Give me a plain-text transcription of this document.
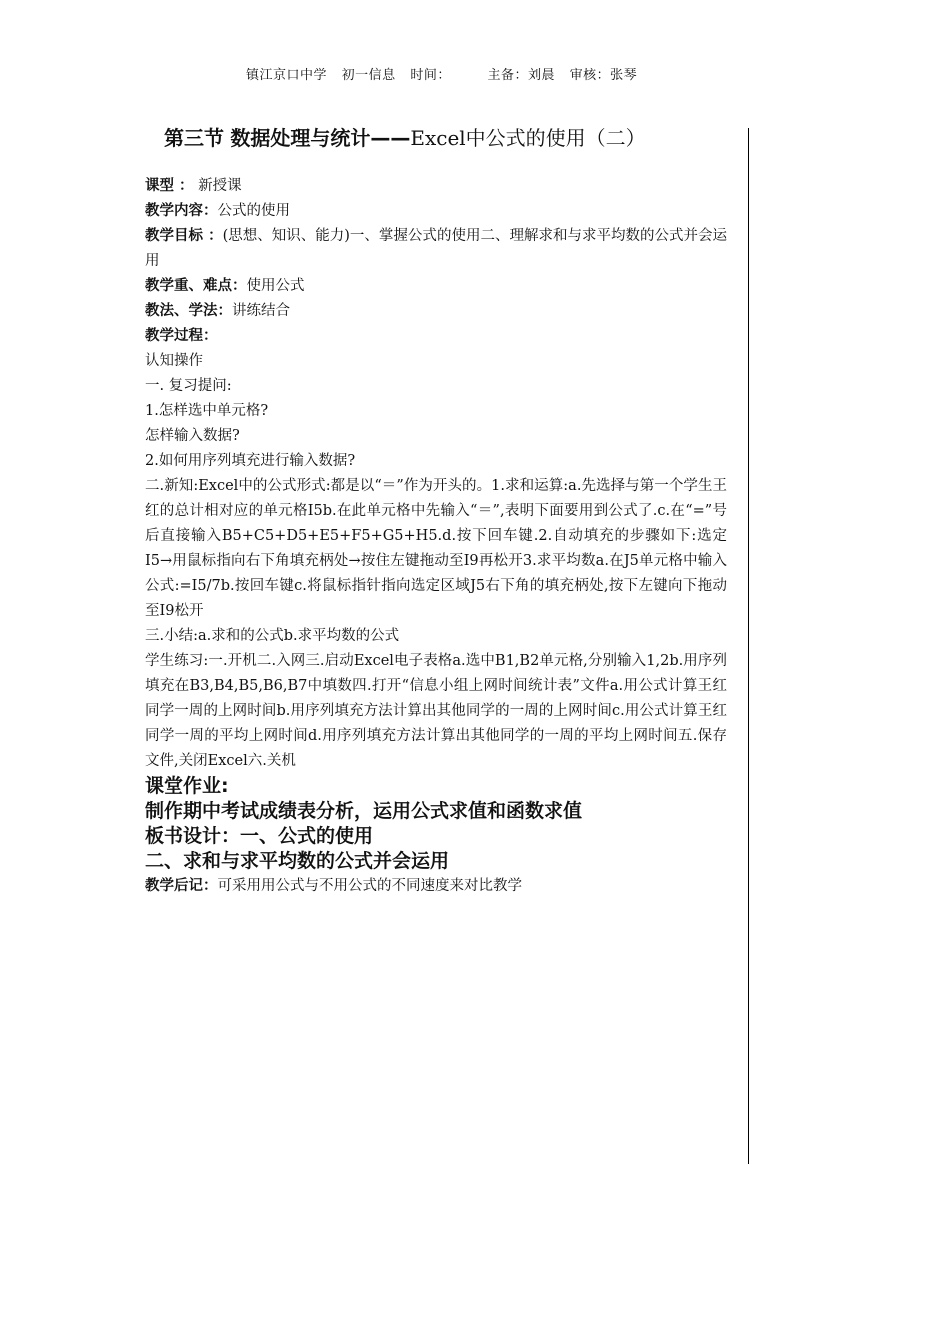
镇江京口中学 初一信息 时间：	主备：刘晨 审核：张琴
第三节 数据处理与统计——Excel中公式的使用（二）

课型 ： 新授课

教学内容：公式的使用

教学目标 ：(思想、知识、能力)一、掌握公式的使用二、理解求和与求平均数的公式并会运用

教学重、难点：使用公式

教法、学法：讲练结合

教学过程：

认知操作

一. 复习提问:

1.怎样选中单元格?

怎样输入数据?

2.如何用序列填充进行输入数据?

二.新知:Excel中的公式形式:都是以“＝”作为开头的。1.求和运算:a.先选择与第一个学生王红的总计相对应的单元格I5b.在此单元格中先输入“＝”,表明下面要用到公式了.c.在“=”号后直接输入B5+C5+D5+E5+F5+G5+H5.d.按下回车键.2.自动填充的步骤如下:选定I5→用鼠标指向右下角填充柄处→按住左键拖动至I9再松开3.求平均数a.在J5单元格中输入公式:=I5/7b.按回车键c.将鼠标指针指向选定区域J5右下角的填充柄处,按下左键向下拖动至I9松开

三.小结:a.求和的公式b.求平均数的公式

学生练习:一.开机二.入网三.启动Excel电子表格a.选中B1,B2单元格,分别输入1,2b.用序列填充在B3,B4,B5,B6,B7中填数四.打开“信息小组上网时间统计表”文件a.用公式计算王红同学一周的上网时间b.用序列填充方法计算出其他同学的一周的上网时间c.用公式计算王红同学一周的平均上网时间d.用序列填充方法计算出其他同学的一周的平均上网时间五.保存文件,关闭Excel六.关机

课堂作业:

制作期中考试成绩表分析，运用公式求值和函数求值

板书设计：一、公式的使用

二、求和与求平均数的公式并会运用

教学后记：可采用用公式与不用公式的不同速度来对比教学
